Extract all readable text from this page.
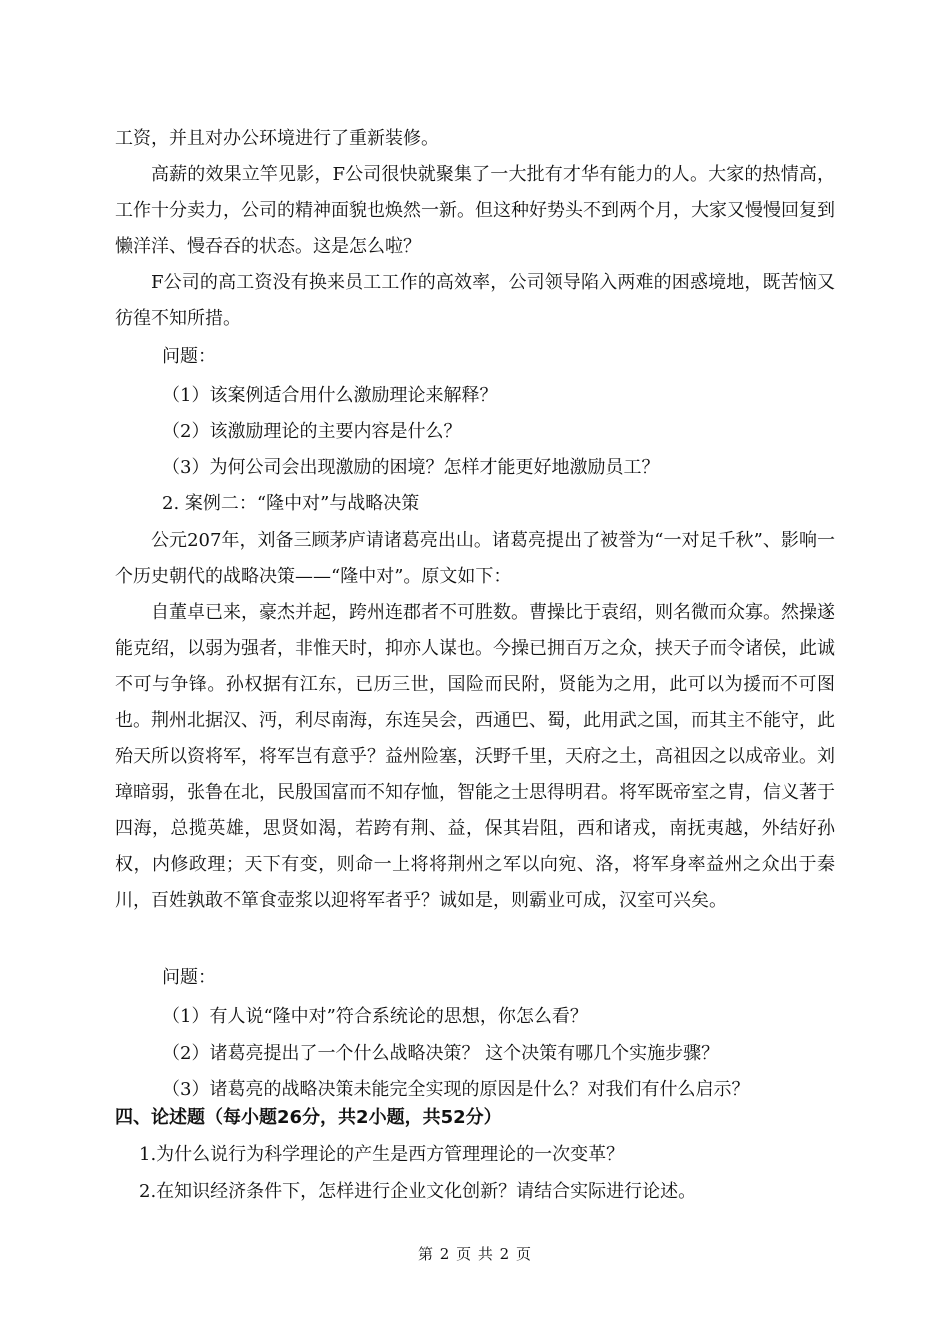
工资，并且对办公环境进行了重新装修。

高薪的效果立竿见影，F公司很快就聚集了一大批有才华有能力的人。大家的热情高，工作十分卖力，公司的精神面貌也焕然一新。但这种好势头不到两个月，大家又慢慢回复到懒洋洋、慢吞吞的状态。这是怎么啦？

F公司的高工资没有换来员工工作的高效率，公司领导陷入两难的困惑境地，既苦恼又彷徨不知所措。

问题：
（1）该案例适合用什么激励理论来解释？
（2）该激励理论的主要内容是什么？
（3）为何公司会出现激励的困境？怎样才能更好地激励员工？
2. 案例二：“隆中对”与战略决策

公元207年，刘备三顾茅庐请诸葛亮出山。诸葛亮提出了被誉为“一对足千秋”、影响一个历史朝代的战略决策——“隆中对”。原文如下：

自董卓已来，豪杰并起，跨州连郡者不可胜数。曹操比于袁绍，则名微而众寡。然操遂能克绍，以弱为强者，非惟天时，抑亦人谋也。今操已拥百万之众，挟天子而令诸侯，此诚不可与争锋。孙权据有江东，已历三世，国险而民附，贤能为之用，此可以为援而不可图也。荆州北据汉、沔，利尽南海，东连吴会，西通巴、蜀，此用武之国，而其主不能守，此殆天所以资将军，将军岂有意乎？益州险塞，沃野千里，天府之土，高祖因之以成帝业。刘璋暗弱，张鲁在北，民殷国富而不知存恤，智能之士思得明君。将军既帝室之胄，信义著于四海，总揽英雄，思贤如渴，若跨有荆、益，保其岩阻，西和诸戎，南抚夷越，外结好孙权，内修政理；天下有变，则命一上将将荆州之军以向宛、洛，将军身率益州之众出于秦川，百姓孰敢不箪食壶浆以迎将军者乎？诚如是，则霸业可成，汉室可兴矣。

问题：
（1）有人说“隆中对”符合系统论的思想，你怎么看？
（2）诸葛亮提出了一个什么战略决策？ 这个决策有哪几个实施步骤？
（3）诸葛亮的战略决策未能完全实现的原因是什么？对我们有什么启示？
四、论述题（每小题26分，共2小题，共52分）
1.为什么说行为科学理论的产生是西方管理理论的一次变革？
2.在知识经济条件下，怎样进行企业文化创新？请结合实际进行论述。
第 2 页 共 2 页
